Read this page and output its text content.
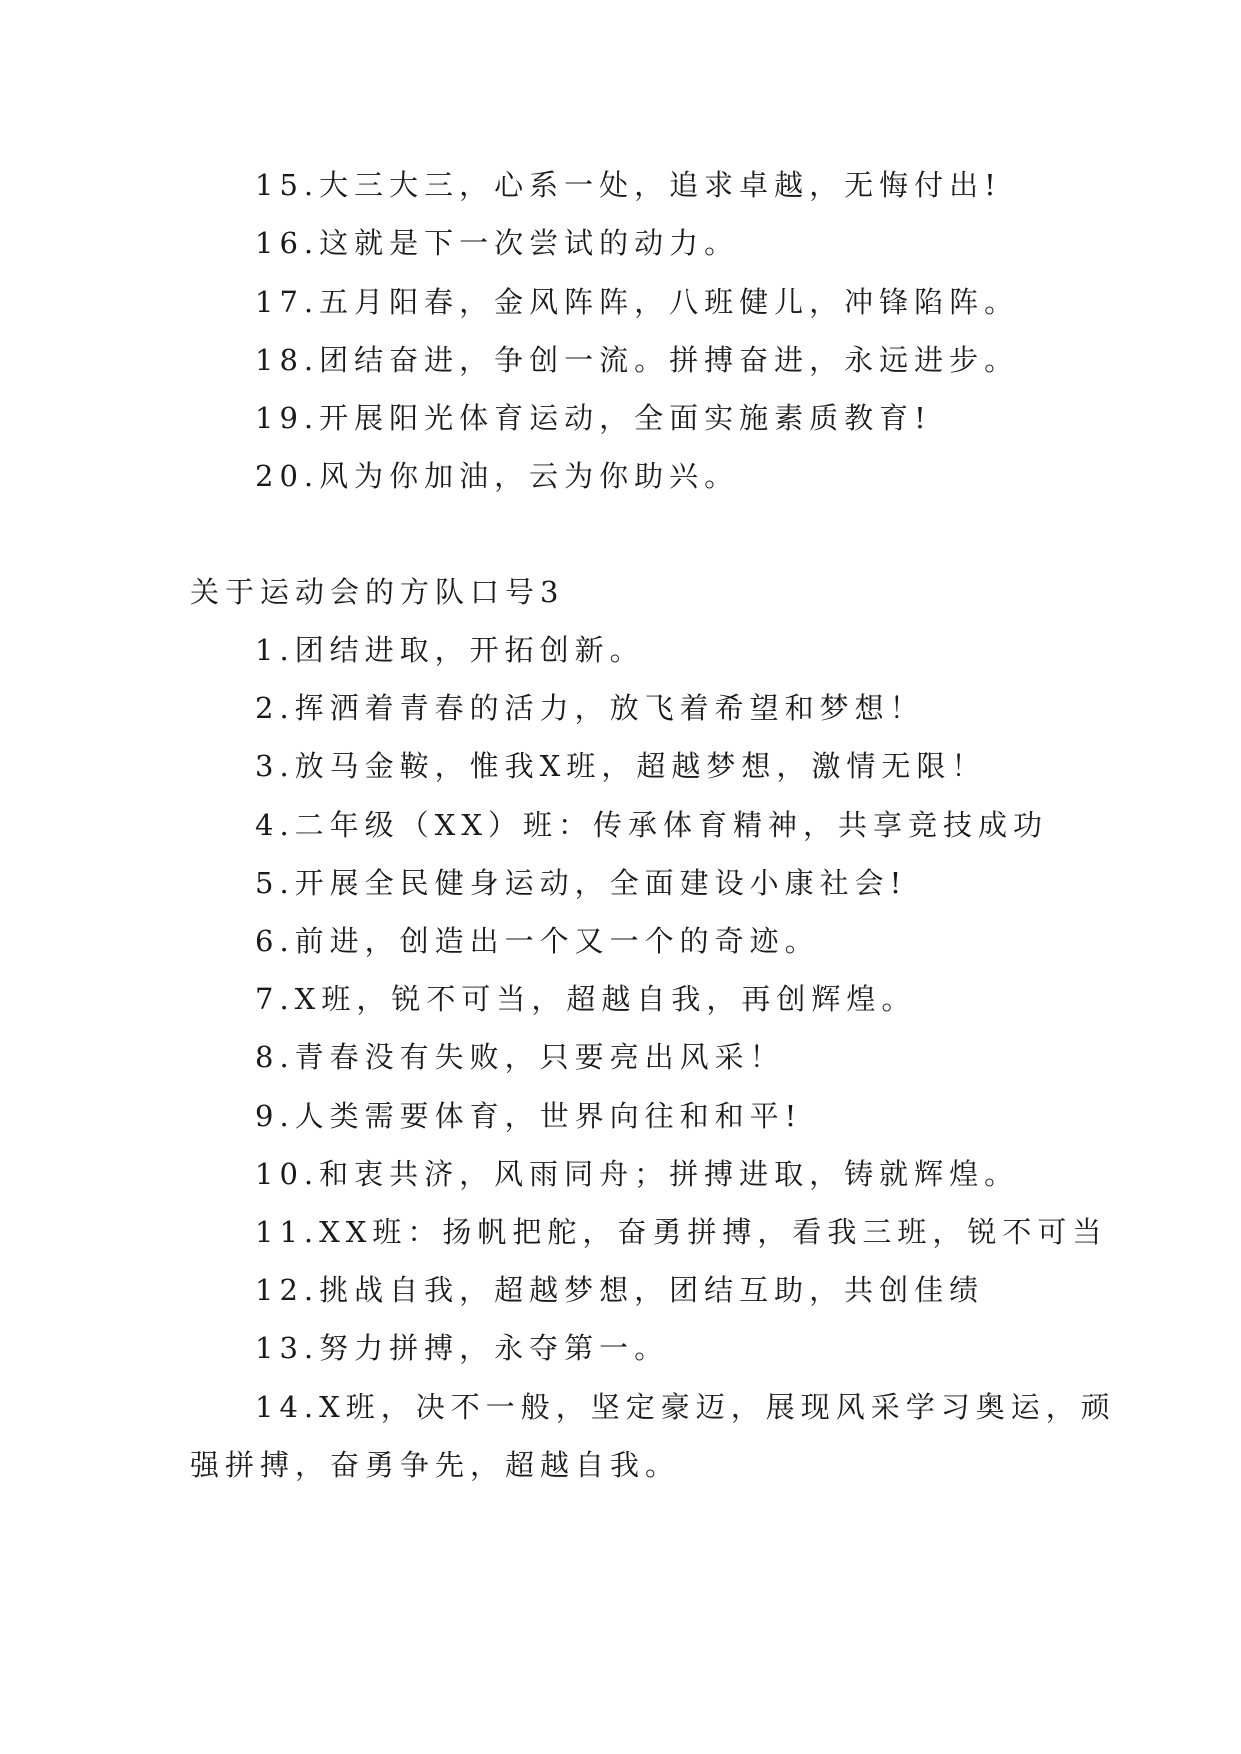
15.大三大三，心系一处，追求卓越，无悔付出!
16.这就是下一次尝试的动力。
17.五月阳春，金风阵阵，八班健儿，冲锋陷阵。
18.团结奋进，争创一流。拼搏奋进，永远进步。
19.开展阳光体育运动，全面实施素质教育!
20.风为你加油，云为你助兴。
关于运动会的方队口号3
1.团结进取，开拓创新。
2.挥洒着青春的活力，放飞着希望和梦想！
3.放马金鞍，惟我X班，超越梦想，激情无限！
4.二年级（XX）班：传承体育精神，共享竞技成功
5.开展全民健身运动，全面建设小康社会!
6.前进，创造出一个又一个的奇迹。
7.X班，锐不可当，超越自我，再创辉煌。
8.青春没有失败，只要亮出风采！
9.人类需要体育，世界向往和和平!
10.和衷共济，风雨同舟；拼搏进取，铸就辉煌。
11.XX班：扬帆把舵，奋勇拼搏，看我三班，锐不可当
12.挑战自我，超越梦想，团结互助，共创佳绩
13.努力拼搏，永夺第一。
14.X班，决不一般，坚定豪迈，展现风采学习奥运，顽
强拼搏，奋勇争先，超越自我。
